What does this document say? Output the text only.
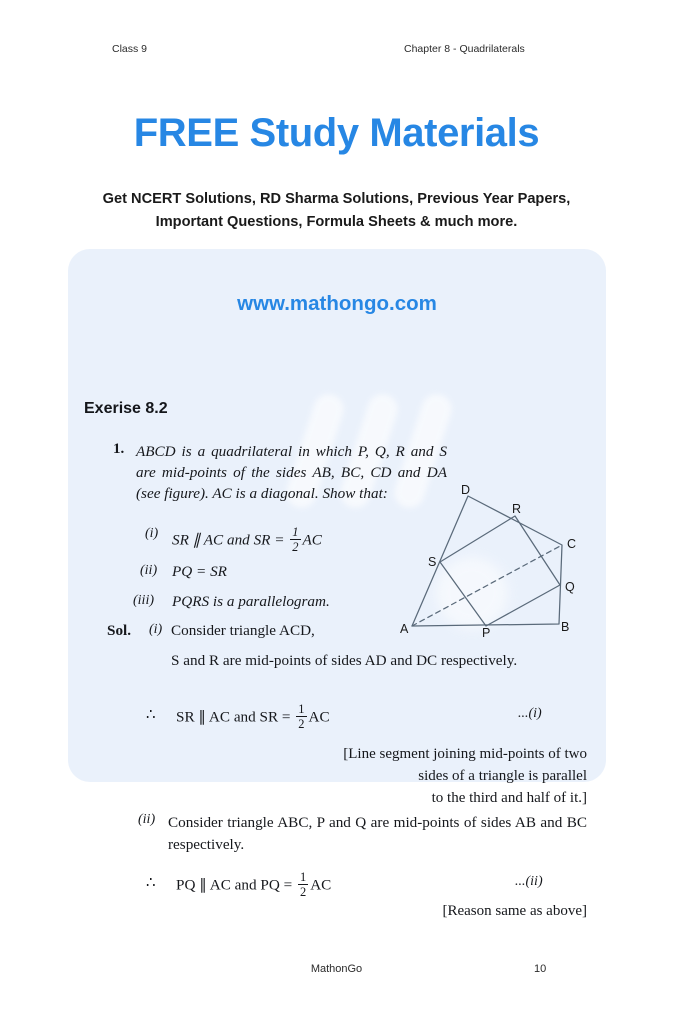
Class 9	Chapter 8 - Quadrilaterals
FREE Study Materials
Get NCERT Solutions, RD Sharma Solutions, Previous Year Papers,
Important Questions, Formula Sheets & much more.
www.mathongo.com
Exerise 8.2
1. ABCD is a quadrilateral in which P, Q, R and S are mid-points of the sides AB, BC, CD and DA (see figure). AC is a diagonal. Show that:
(i) SR ∥ AC and SR = $\frac{1}{2}$ AC
(ii) PQ = SR
(iii) PQRS is a parallelogram.
Sol. (i) Consider triangle ACD,
S and R are mid-points of sides AD and DC respectively.
∴ SR ∥ AC and SR = $\frac{1}{2}$ AC	...(i)
[Line segment joining mid-points of two
sides of a triangle is parallel
to the third and half of it.]
(ii) Consider triangle ABC, P and Q are mid-points of sides AB and BC respectively.
∴ PQ ∥ AC and PQ = $\frac{1}{2}$ AC	...(ii)
[Reason same as above]
D
R
C
S
Q
A	P	B
MathonGo	10
